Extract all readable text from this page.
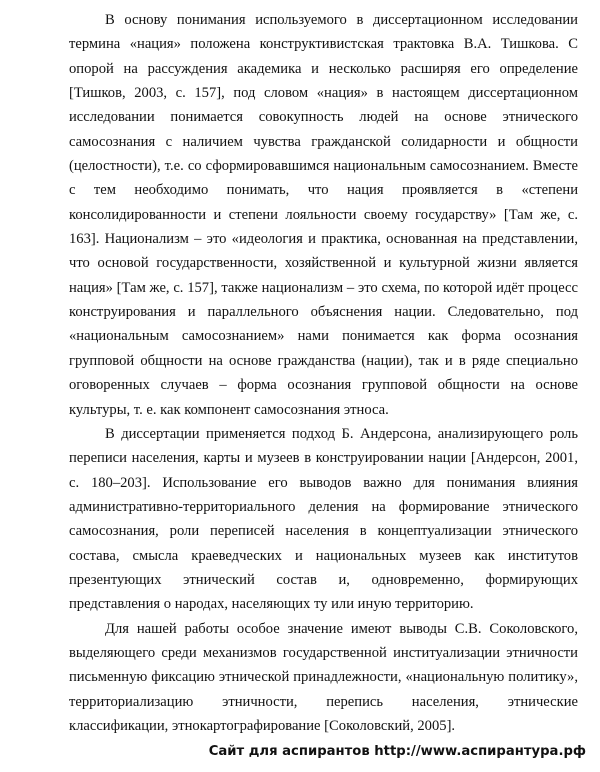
В основу понимания используемого в диссертационном исследовании термина «нация» положена конструктивистская трактовка В.А. Тишкова. С опорой на рассуждения академика и несколько расширяя его определение [Тишков, 2003, с. 157], под словом «нация» в настоящем диссертационном исследовании понимается совокупность людей на основе этнического самосознания с наличием чувства гражданской солидарности и общности (целостности), т.е. со сформировавшимся национальным самосознанием. Вместе с тем необходимо понимать, что нация проявляется в «степени консолидированности и степени лояльности своему государству» [Там же, с. 163]. Национализм – это «идеология и практика, основанная на представлении, что основой государственности, хозяйственной и культурной жизни является нация» [Там же, с. 157], также национализм – это схема, по которой идёт процесс конструирования и параллельного объяснения нации. Следовательно, под «национальным самосознанием» нами понимается как форма осознания групповой общности на основе гражданства (нации), так и в ряде специально оговоренных случаев – форма осознания групповой общности на основе культуры, т. е. как компонент самосознания этноса.

В диссертации применяется подход Б. Андерсона, анализирующего роль переписи населения, карты и музеев в конструировании нации [Андерсон, 2001, с. 180–203]. Использование его выводов важно для понимания влияния административно-территориального деления на формирование этнического самосознания, роли переписей населения в концептуализации этнического состава, смысла краеведческих и национальных музеев как институтов презентующих этнический состав и, одновременно, формирующих представления о народах, населяющих ту или иную территорию.

Для нашей работы особое значение имеют выводы С.В. Соколовского, выделяющего среди механизмов государственной институализации этничности письменную фиксацию этнической принадлежности, «национальную политику», территориализацию этничности, перепись населения, этнические классификации, этнокартографирование [Соколовский, 2005].

Сайт для аспирантов http://www.аспирантура.рф
